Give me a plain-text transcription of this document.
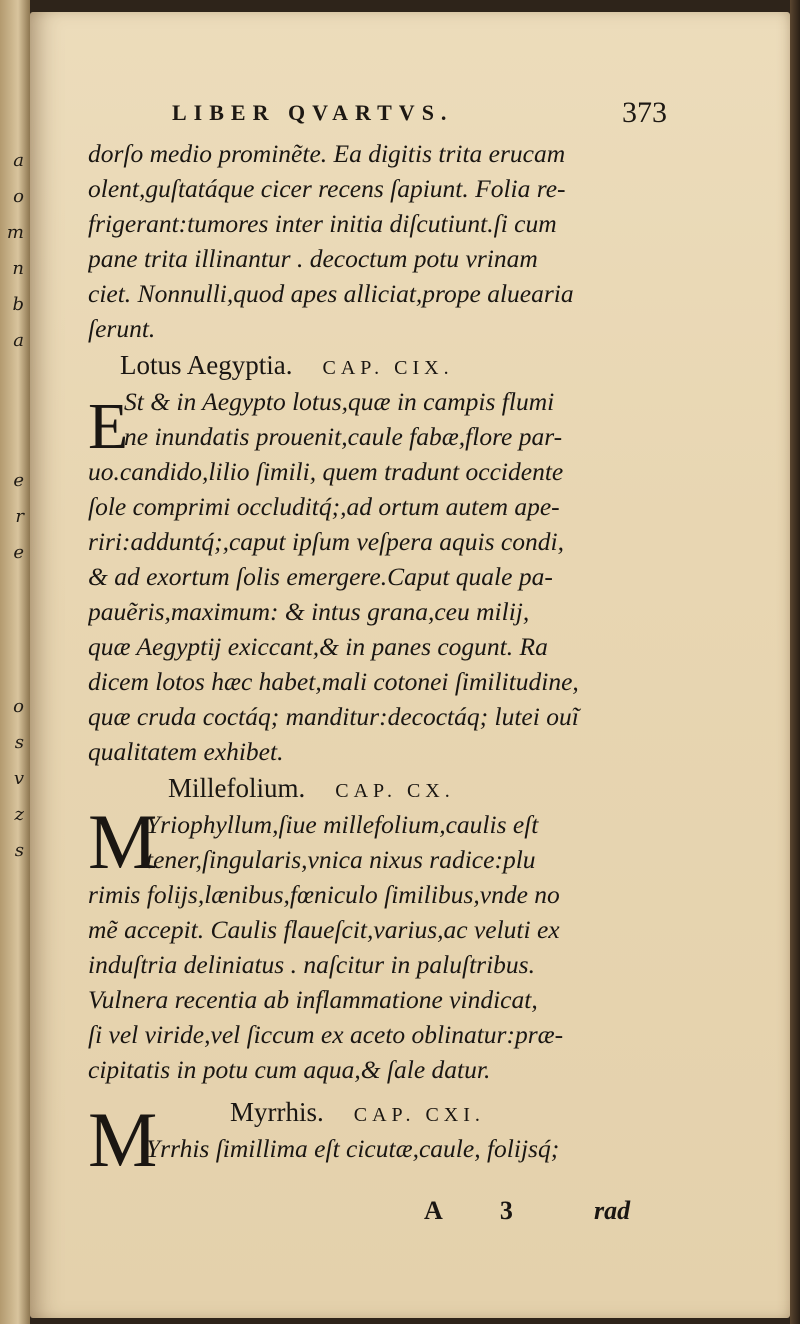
a
o
m
n
b
a
e
r
e
o
s
v
z
s
LIBER QVARTVS.	373
dorſo medio prominẽte. Ea digitis trita erucam
olent,guſtatáque cicer recens ſapiunt. Folia re-
frigerant:tumores inter initia diſcutiunt.ſi cum
pane trita illinantur . decoctum potu vrinam
ciet. Nonnulli,quod apes alliciat,prope aluearia
ſerunt.
Lotus Aegyptia. CAP. CIX.
E
St & in Aegypto lotus,quæ in campis flumi
ne inundatis prouenit,caule fabæ,flore par-
uo.candido,lilio ſimili, quem tradunt occidente
ſole comprimi occluditq́;,ad ortum autem ape-
riri:adduntq́;,caput ipſum veſpera aquis condi,
& ad exortum ſolis emergere.Caput quale pa-
pauẽris,maximum: & intus grana,ceu milij,
quæ Aegyptij exiccant,& in panes cogunt. Ra
dicem lotos hæc habet,mali cotonei ſimilitudine,
quæ cruda coctáq; manditur:decoctáq; lutei ouĩ
qualitatem exhibet.
Millefolium. CAP. CX.
M
Yriophyllum,ſiue millefolium,caulis eſt
tener,ſingularis,vnica nixus radice:plu
rimis folijs,lænibus,fœniculo ſimilibus,vnde no
mẽ accepit. Caulis flaueſcit,varius,ac veluti ex
induſtria deliniatus . naſcitur in paluſtribus.
Vulnera recentia ab inflammatione vindicat,
ſi vel viride,vel ſiccum ex aceto oblinatur:præ-
cipitatis in potu cum aqua,& ſale datur.
M	Myrrhis. CAP. CXI.
Yrrhis ſimillima eſt cicutæ,caule, folijsq́;
A 3 rad
